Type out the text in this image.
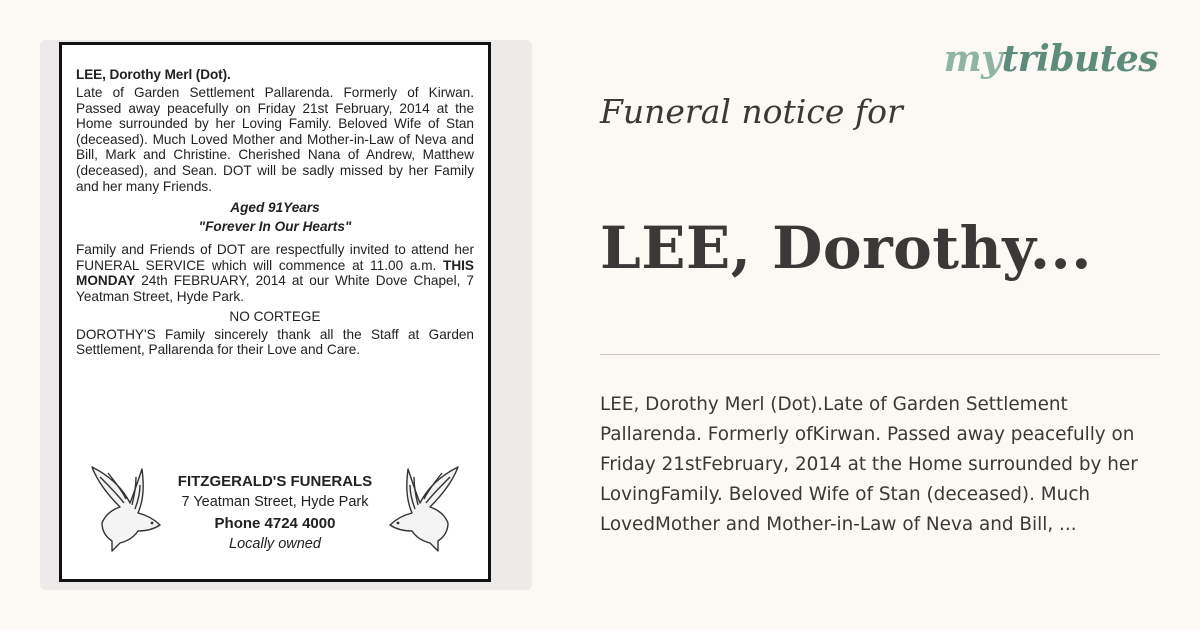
LEE, Dorothy Merl (Dot).

Late of Garden Settlement Pallarenda. Formerly of Kirwan. Passed away peacefully on Friday 21st February, 2014 at the Home surrounded by her Loving Family. Beloved Wife of Stan (deceased). Much Loved Mother and Mother-in-Law of Neva and Bill, Mark and Christine. Cherished Nana of Andrew, Matthew (deceased), and Sean. DOT will be sadly missed by her Family and her many Friends.

Aged 91Years

"Forever In Our Hearts"

Family and Friends of DOT are respectfully invited to attend her FUNERAL SERVICE which will commence at 11.00 a.m. THIS MONDAY 24th FEBRUARY, 2014 at our White Dove Chapel, 7 Yeatman Street, Hyde Park.

NO CORTEGE

DOROTHY'S Family sincerely thank all the Staff at Garden Settlement, Pallarenda for their Love and Care.

FITZGERALD'S FUNERALS
7 Yeatman Street, Hyde Park
Phone 4724 4000
Locally owned
mytributes
Funeral notice for
LEE, Dorothy...
LEE, Dorothy Merl (Dot).Late of Garden Settlement Pallarenda. Formerly ofKirwan. Passed away peacefully on Friday 21stFebruary, 2014 at the Home surrounded by her LovingFamily. Beloved Wife of Stan (deceased). Much LovedMother and Mother-in-Law of Neva and Bill, ...
